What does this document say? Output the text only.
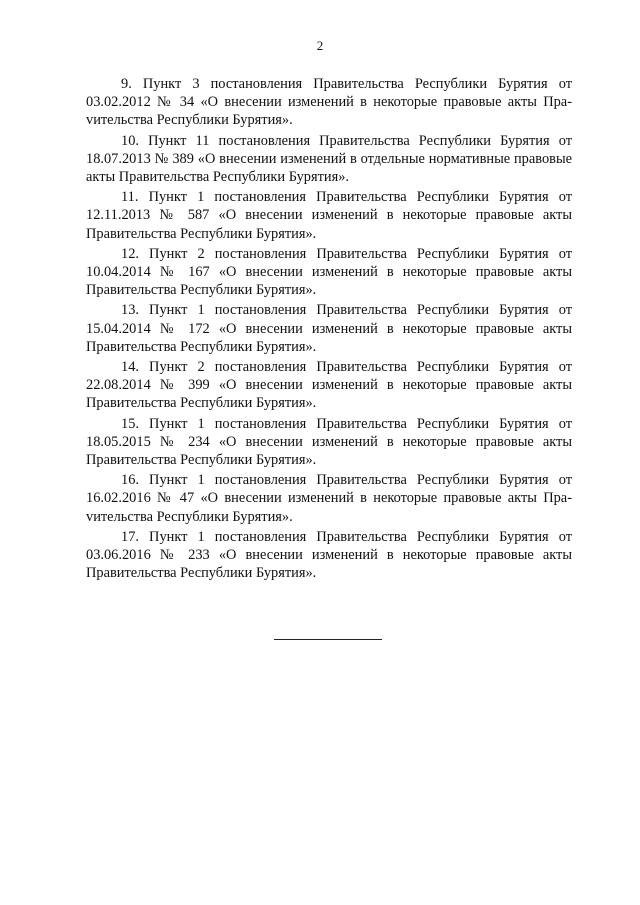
2

9. Пункт 3 постановления Правительства Республики Бурятия от 03.02.2012 № 34 «О внесении изменений в некоторые правовые акты Праvительства Республики Бурятия».

10. Пункт 11 постановления Правительства Республики Бурятия от 18.07.2013 № 389 «О внесении изменений в отдельные нормативные правовые акты Правительства Республики Бурятия».

11. Пункт 1 постановления Правительства Республики Бурятия от 12.11.2013 № 587 «О внесении изменений в некоторые правовые акты Правительства Республики Бурятия».

12. Пункт 2 постановления Правительства Республики Бурятия от 10.04.2014 № 167 «О внесении изменений в некоторые правовые акты Правительства Республики Бурятия».

13. Пункт 1 постановления Правительства Республики Бурятия от 15.04.2014 № 172 «О внесении изменений в некоторые правовые акты Правительства Республики Бурятия».

14. Пункт 2 постановления Правительства Республики Бурятия от 22.08.2014 № 399 «О внесении изменений в некоторые правовые акты Правительства Республики Бурятия».

15. Пункт 1 постановления Правительства Республики Бурятия от 18.05.2015 № 234 «О внесении изменений в некоторые правовые акты Правительства Республики Бурятия».

16. Пункт 1 постановления Правительства Республики Бурятия от 16.02.2016 № 47 «О внесении изменений в некоторые правовые акты Праvительства Республики Бурятия».

17. Пункт 1 постановления Правительства Республики Бурятия от 03.06.2016 № 233 «О внесении изменений в некоторые правовые акты Правительства Республики Бурятия».
